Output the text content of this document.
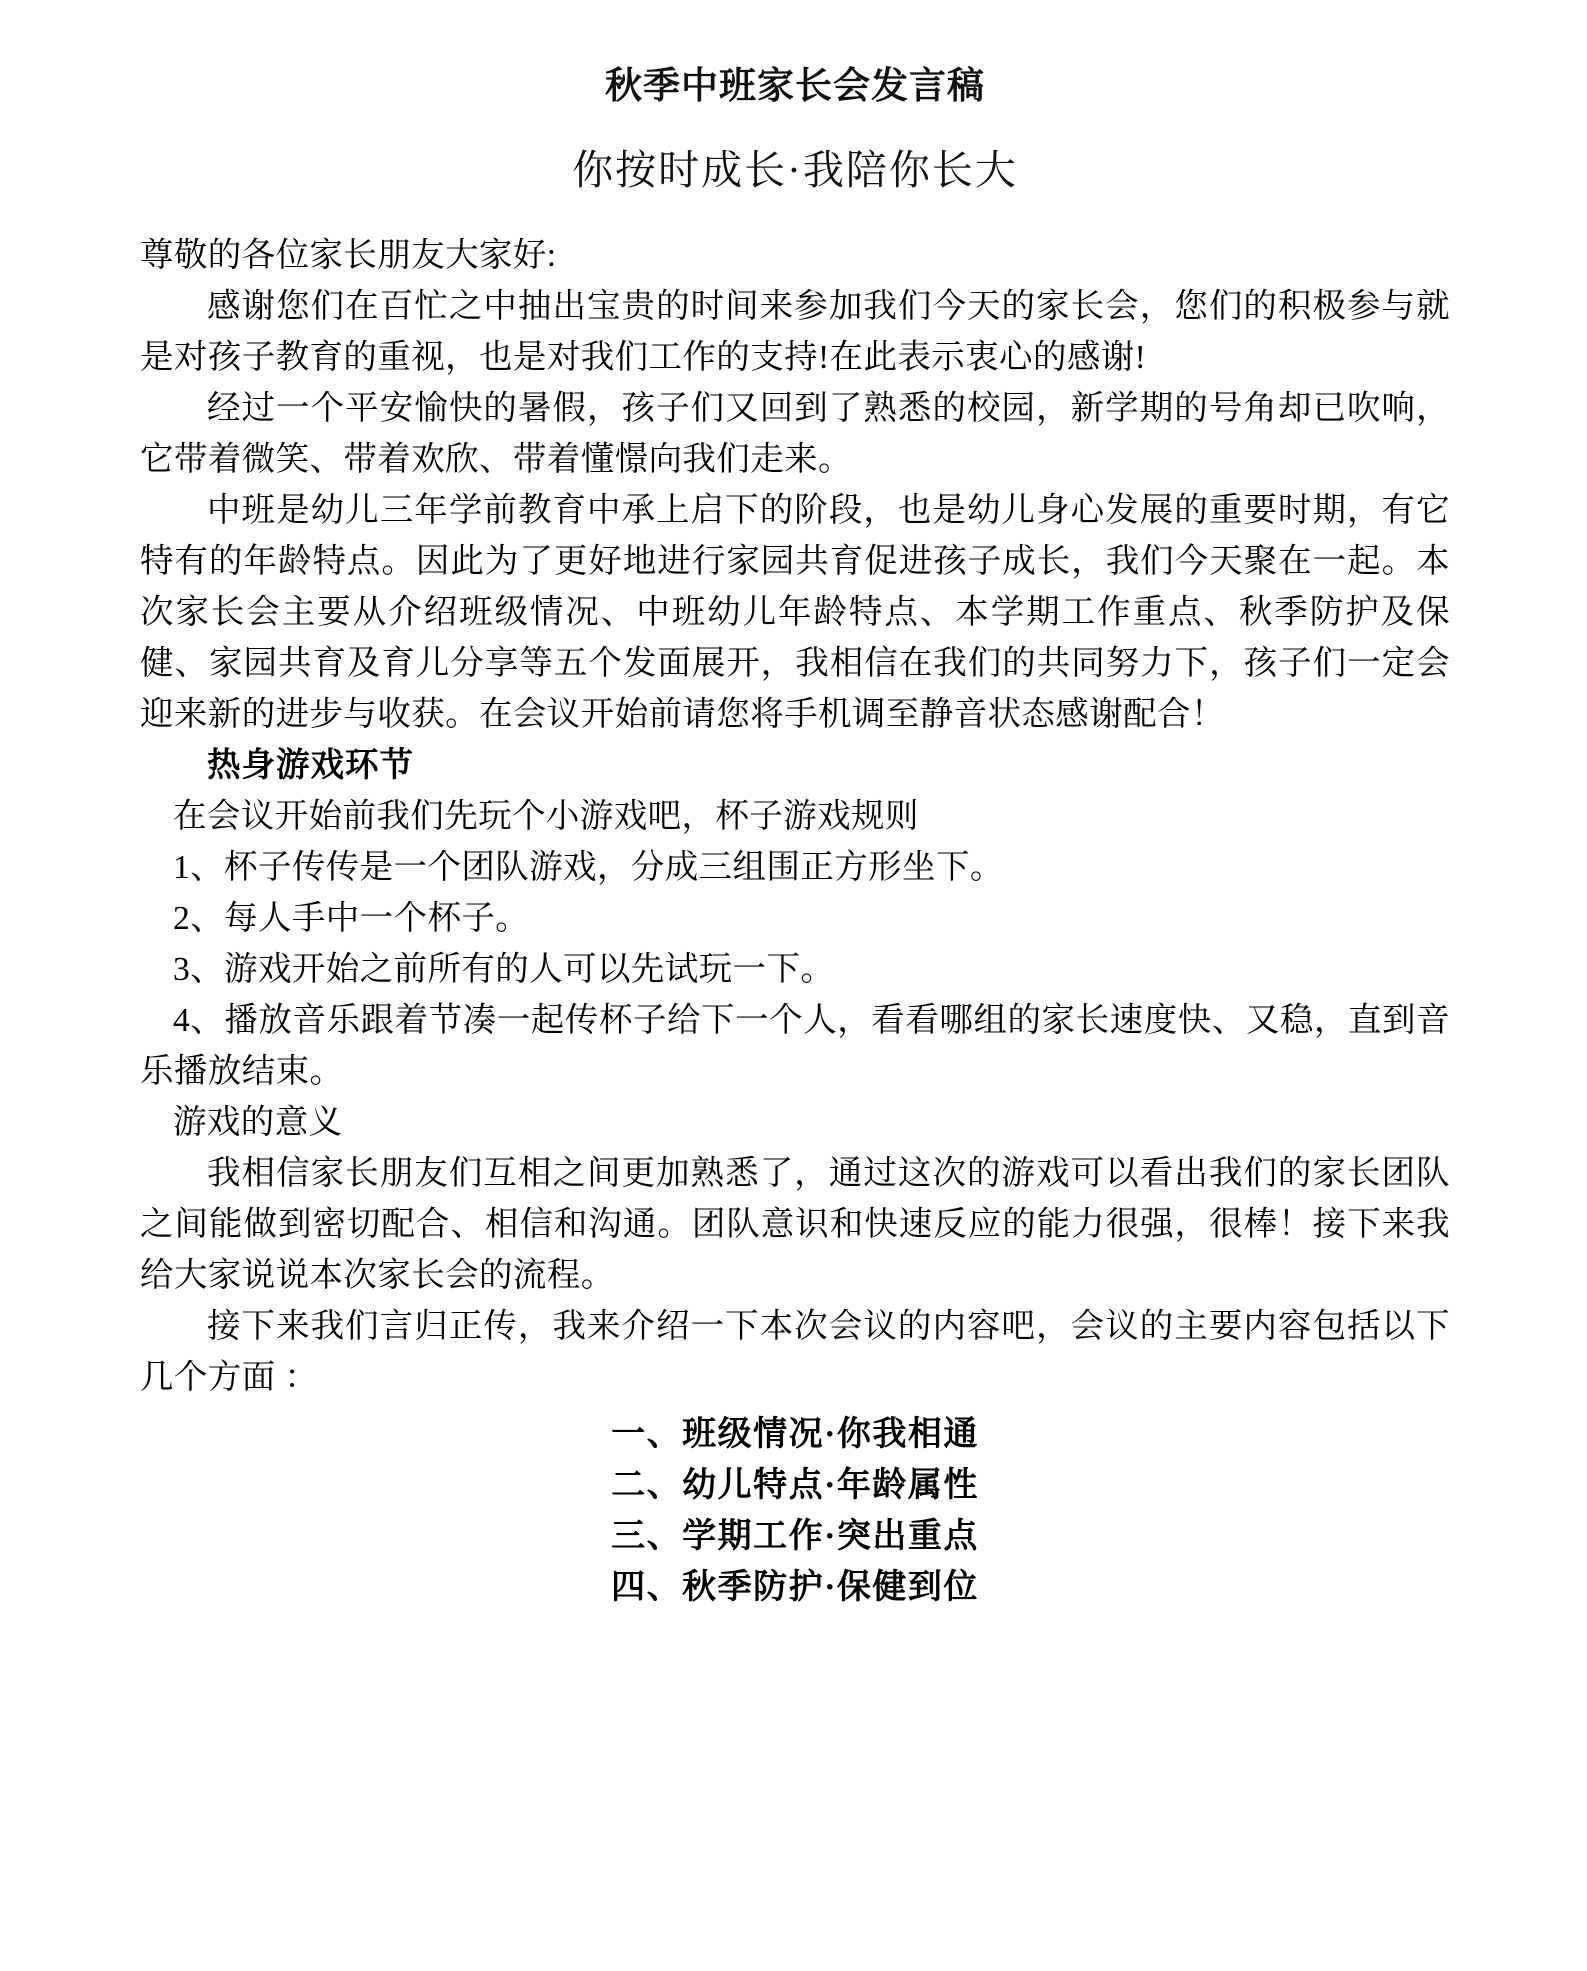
秋季中班家长会发言稿
你按时成长·我陪你长大

尊敬的各位家长朋友大家好:

感谢您们在百忙之中抽出宝贵的时间来参加我们今天的家长会，您们的积极参与就是对孩子教育的重视，也是对我们工作的支持!在此表示衷心的感谢!

经过一个平安愉快的暑假，孩子们又回到了熟悉的校园，新学期的号角却已吹响，它带着微笑、带着欢欣、带着懂憬向我们走来。

中班是幼儿三年学前教育中承上启下的阶段，也是幼儿身心发展的重要时期，有它特有的年龄特点。因此为了更好地进行家园共育促进孩子成长，我们今天聚在一起。本次家长会主要从介绍班级情况、中班幼儿年龄特点、本学期工作重点、秋季防护及保健、家园共育及育儿分享等五个发面展开，我相信在我们的共同努力下，孩子们一定会迎来新的进步与收获。在会议开始前请您将手机调至静音状态感谢配合！

热身游戏环节

在会议开始前我们先玩个小游戏吧，杯子游戏规则

1、杯子传传是一个团队游戏，分成三组围正方形坐下。

2、每人手中一个杯子。

3、游戏开始之前所有的人可以先试玩一下。

4、播放音乐跟着节凑一起传杯子给下一个人，看看哪组的家长速度快、又稳，直到音乐播放结束。

游戏的意义

我相信家长朋友们互相之间更加熟悉了，通过这次的游戏可以看出我们的家长团队之间能做到密切配合、相信和沟通。团队意识和快速反应的能力很强，很棒！接下来我给大家说说本次家长会的流程。

接下来我们言归正传，我来介绍一下本次会议的内容吧，会议的主要内容包括以下几个方面 ：

一、班级情况·你我相通

二、幼儿特点·年龄属性

三、学期工作·突出重点

四、秋季防护·保健到位
